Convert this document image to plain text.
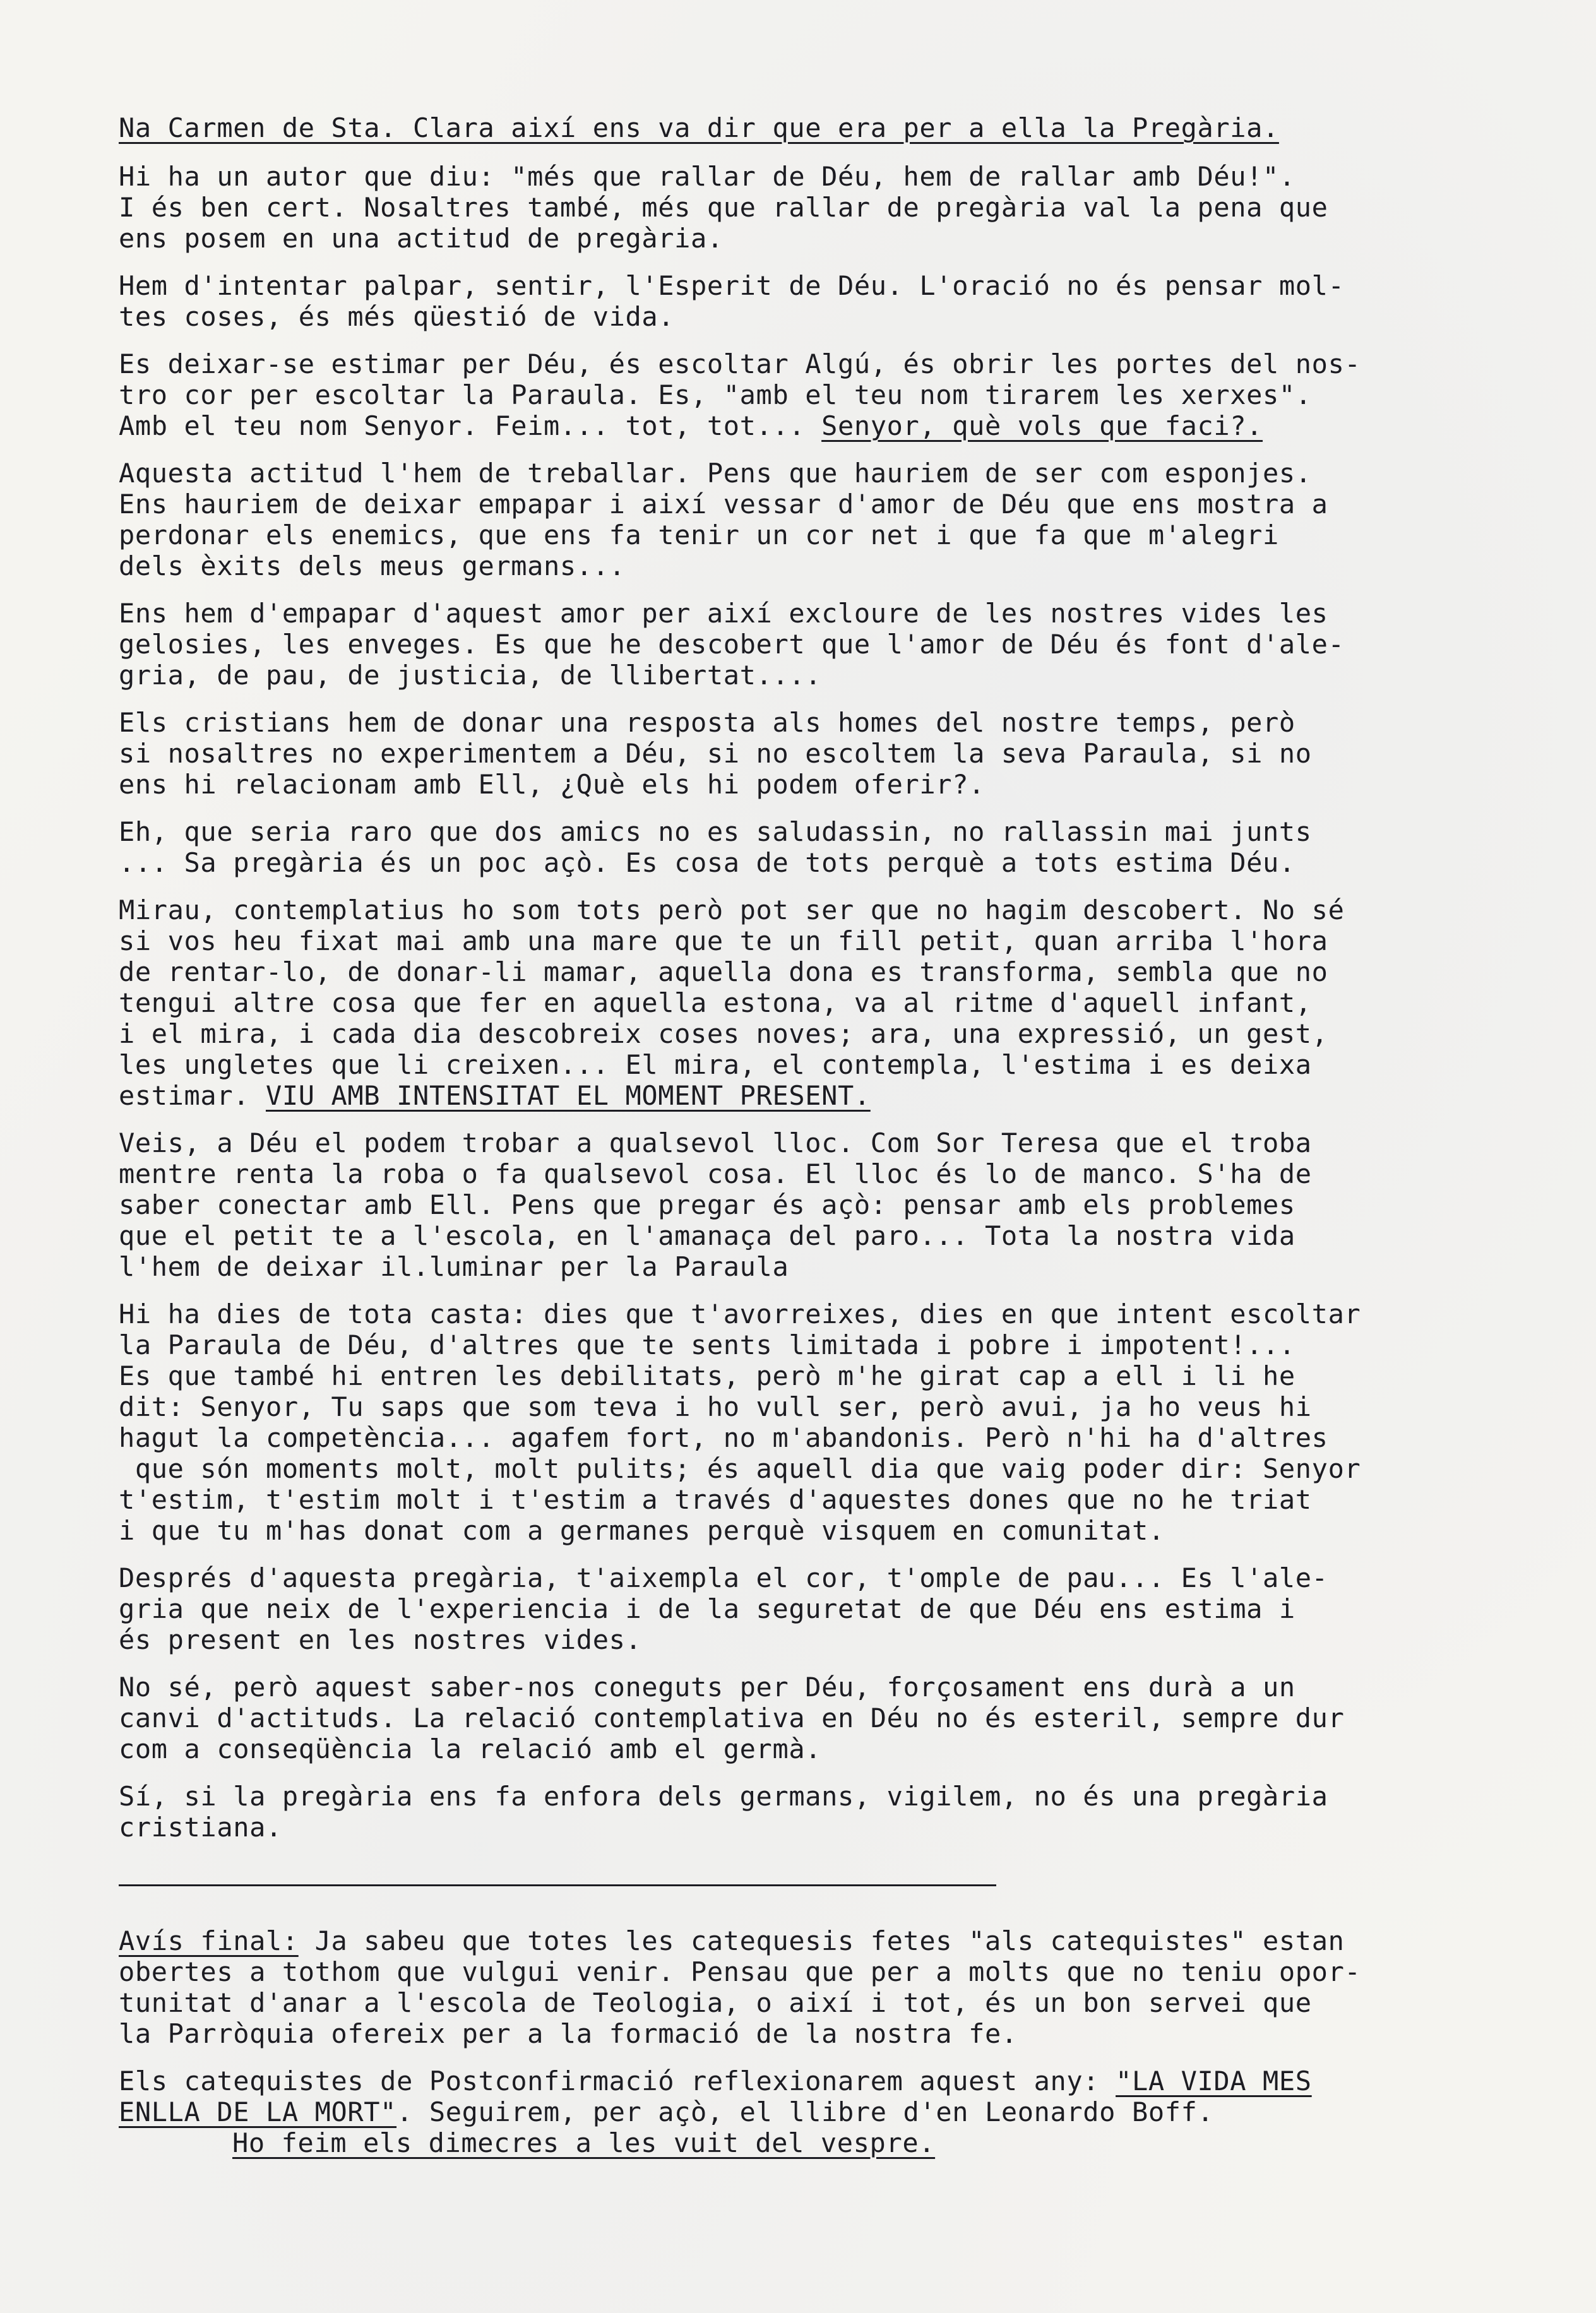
Na Carmen de Sta. Clara així ens va dir que era per a ella la Pregària.
Hi ha un autor que diu: "més que rallar de Déu, hem de rallar amb Déu!".
I és ben cert. Nosaltres també, més que rallar de pregària val la pena que
ens posem en una actitud de pregària.
Hem d'intentar palpar, sentir, l'Esperit de Déu. L'oració no és pensar mol-
tes coses, és més qüestió de vida.
Es deixar-se estimar per Déu, és escoltar Algú, és obrir les portes del nos-
tro cor per escoltar la Paraula. Es, "amb el teu nom tirarem les xerxes".
Amb el teu nom Senyor. Feim... tot, tot... Senyor, què vols que faci?.
Aquesta actitud l'hem de treballar. Pens que hauriem de ser com esponjes.
Ens hauriem de deixar empapar i així vessar d'amor de Déu que ens mostra a
perdonar els enemics, que ens fa tenir un cor net i que fa que m'alegri
dels èxits dels meus germans...
Ens hem d'empapar d'aquest amor per així excloure de les nostres vides les
gelosies, les enveges. Es que he descobert que l'amor de Déu és font d'ale-
gria, de pau, de justicia, de llibertat....
Els cristians hem de donar una resposta als homes del nostre temps, però
si nosaltres no experimentem a Déu, si no escoltem la seva Paraula, si no
ens hi relacionam amb Ell, ¿Què els hi podem oferir?.
Eh, que seria raro que dos amics no es saludassin, no rallassin mai junts
... Sa pregària és un poc açò. Es cosa de tots perquè a tots estima Déu.
Mirau, contemplatius ho som tots però pot ser que no hagim descobert. No sé
si vos heu fixat mai amb una mare que te un fill petit, quan arriba l'hora
de rentar-lo, de donar-li mamar, aquella dona es transforma, sembla que no
tengui altre cosa que fer en aquella estona, va al ritme d'aquell infant,
i el mira, i cada dia descobreix coses noves; ara, una expressió, un gest,
les ungletes que li creixen... El mira, el contempla, l'estima i es deixa
estimar. VIU AMB INTENSITAT EL MOMENT PRESENT.
Veis, a Déu el podem trobar a qualsevol lloc. Com Sor Teresa que el troba
mentre renta la roba o fa qualsevol cosa. El lloc és lo de manco. S'ha de
saber conectar amb Ell. Pens que pregar és açò: pensar amb els problemes
que el petit te a l'escola, en l'amanaça del paro... Tota la nostra vida
l'hem de deixar il.luminar per la Paraula
Hi ha dies de tota casta: dies que t'avorreixes, dies en que intent escoltar
la Paraula de Déu, d'altres que te sents limitada i pobre i impotent!...
Es que també hi entren les debilitats, però m'he girat cap a ell i li he
dit: Senyor, Tu saps que som teva i ho vull ser, però avui, ja ho veus hi
hagut la competència... agafem fort, no m'abandonis. Però n'hi ha d'altres
que són moments molt, molt pulits; és aquell dia que vaig poder dir: Senyor
t'estim, t'estim molt i t'estim a través d'aquestes dones que no he triat
i que tu m'has donat com a germanes perquè visquem en comunitat.
Després d'aquesta pregària, t'aixempla el cor, t'omple de pau... Es l'ale-
gria que neix de l'experiencia i de la seguretat de que Déu ens estima i
és present en les nostres vides.
No sé, però aquest saber-nos coneguts per Déu, forçosament ens durà a un
canvi d'actituds. La relació contemplativa en Déu no és esteril, sempre dur
com a conseqüència la relació amb el germà.
Sí, si la pregària ens fa enfora dels germans, vigilem, no és una pregària
cristiana.
Avís final: Ja sabeu que totes les catequesis fetes "als catequistes" estan
obertes a tothom que vulgui venir. Pensau que per a molts que no teniu opor-
tunitat d'anar a l'escola de Teologia, o així i tot, és un bon servei que
la Parròquia ofereix per a la formació de la nostra fe.
Els catequistes de Postconfirmació reflexionarem aquest any: "LA VIDA MES
ENLLA DE LA MORT". Seguirem, per açò, el llibre d'en Leonardo Boff.
Ho feim els dimecres a les vuit del vespre.
